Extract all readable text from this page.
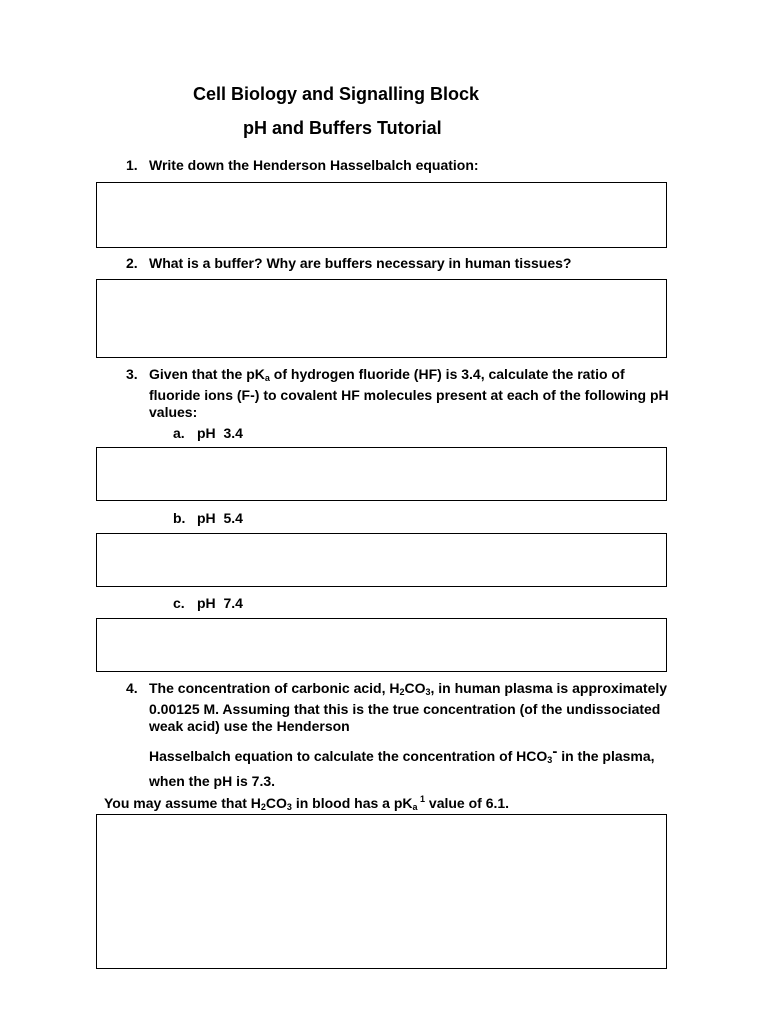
Cell Biology and Signalling Block
pH and Buffers Tutorial
1. Write down the Henderson Hasselbalch equation:
2. What is a buffer? Why are buffers necessary in human tissues?
3. Given that the $pK_a$ of hydrogen fluoride (HF) is 3.4, calculate the ratio of fluoride ions (F-) to covalent HF molecules present at each of the following pH values:
a. pH  3.4
b. pH  5.4
c. pH  7.4
4. The concentration of carbonic acid, $H_2CO_3$, in human plasma is approximately 0.00125 M. Assuming that this is the true concentration (of the undissociated weak acid) use the Henderson
Hasselbalch equation to calculate the concentration of $HCO_3^-$ in the plasma, when the pH is 7.3.
You may assume that $H_2CO_3$ in blood has a $pK_a$ $^1$ value of 6.1.
